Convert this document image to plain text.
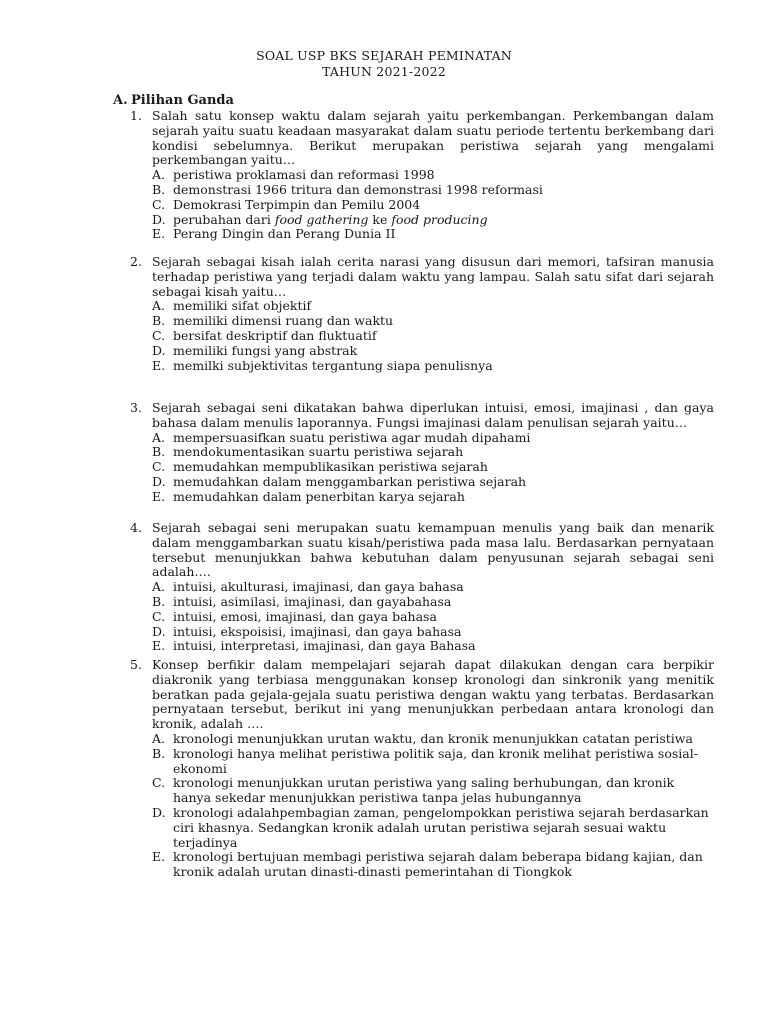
SOAL USP BKS SEJARAH PEMINATAN
TAHUN 2021-2022
A. Pilihan Ganda
1. Salah satu konsep waktu dalam sejarah yaitu perkembangan. Perkembangan dalam sejarah yaitu suatu keadaan masyarakat dalam suatu periode tertentu berkembang dari kondisi sebelumnya. Berikut merupakan peristiwa sejarah yang mengalami perkembangan yaitu…
A. peristiwa proklamasi dan reformasi 1998
B. demonstrasi 1966 tritura dan demonstrasi 1998 reformasi
C. Demokrasi Terpimpin dan Pemilu 2004
D. perubahan dari food gathering ke food producing
E. Perang Dingin dan Perang Dunia II
2. Sejarah sebagai kisah ialah cerita narasi yang disusun dari memori, tafsiran manusia terhadap peristiwa yang terjadi dalam waktu yang lampau. Salah satu sifat dari sejarah sebagai kisah yaitu…
A. memiliki sifat objektif
B. memiliki dimensi ruang dan waktu
C. bersifat deskriptif dan fluktuatif
D. memiliki fungsi yang abstrak
E. memilki subjektivitas tergantung siapa penulisnya
3. Sejarah sebagai seni dikatakan bahwa diperlukan intuisi, emosi, imajinasi , dan gaya bahasa dalam menulis laporannya. Fungsi imajinasi dalam penulisan sejarah yaitu…
A. mempersuasifkan suatu peristiwa agar mudah dipahami
B. mendokumentasikan suartu peristiwa sejarah
C. memudahkan mempublikasikan peristiwa sejarah
D. memudahkan dalam menggambarkan peristiwa sejarah
E. memudahkan dalam penerbitan karya sejarah
4. Sejarah sebagai seni merupakan suatu kemampuan menulis yang baik dan menarik dalam menggambarkan suatu kisah/peristiwa pada masa lalu. Berdasarkan pernyataan tersebut menunjukkan bahwa kebutuhan dalam penyusunan sejarah sebagai seni adalah….
A. intuisi, akulturasi, imajinasi, dan gaya bahasa
B. intuisi, asimilasi, imajinasi, dan gayabahasa
C. intuisi, emosi, imajinasi, dan gaya bahasa
D. intuisi, ekspoisisi, imajinasi, dan gaya bahasa
E. intuisi, interpretasi, imajinasi, dan gaya Bahasa
5. Konsep berfikir dalam mempelajari sejarah dapat dilakukan dengan cara berpikir diakronik yang terbiasa menggunakan konsep kronologi dan sinkronik yang menitik beratkan pada gejala-gejala suatu peristiwa dengan waktu yang terbatas. Berdasarkan pernyataan tersebut, berikut ini yang menunjukkan perbedaan antara kronologi dan kronik, adalah ….
A. kronologi menunjukkan urutan waktu, dan kronik menunjukkan catatan peristiwa
B. kronologi hanya melihat peristiwa politik saja, dan kronik melihat peristiwa sosial-ekonomi
C. kronologi menunjukkan urutan peristiwa yang saling berhubungan, dan kronik hanya sekedar menunjukkan peristiwa tanpa jelas hubungannya
D. kronologi adalahpembagian zaman, pengelompokkan peristiwa sejarah berdasarkan ciri khasnya. Sedangkan kronik adalah urutan peristiwa sejarah sesuai waktu terjadinya
E. kronologi bertujuan membagi peristiwa sejarah dalam beberapa bidang kajian, dan kronik adalah urutan dinasti-dinasti pemerintahan di Tiongkok
